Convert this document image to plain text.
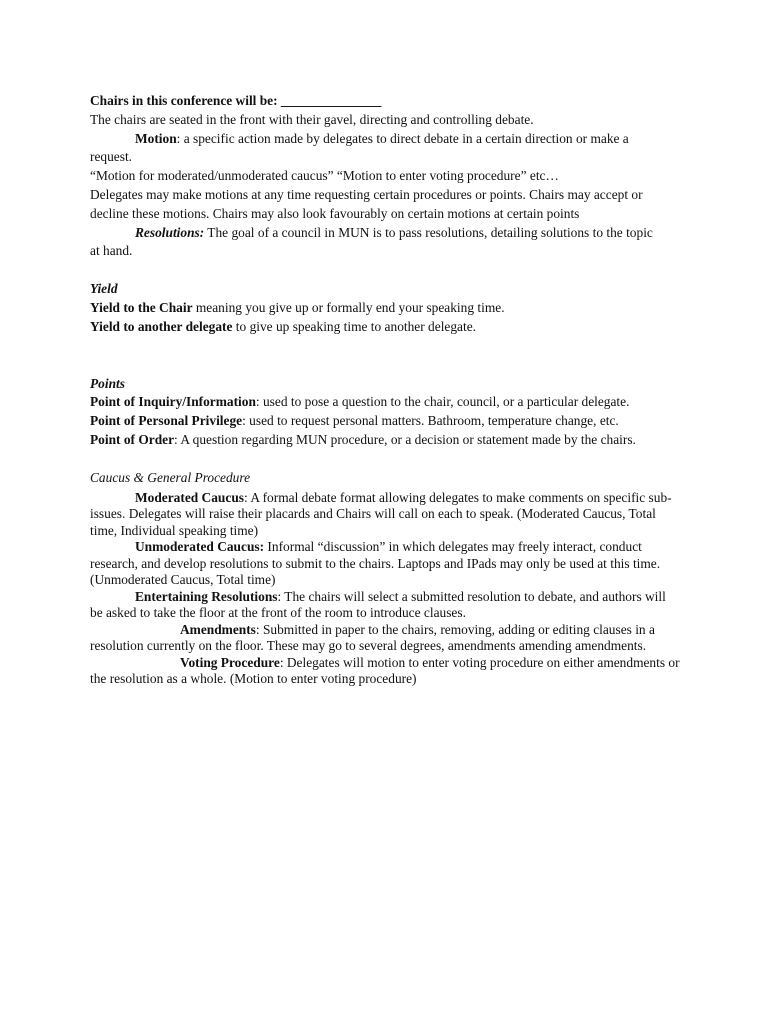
Chairs in this conference will be: _______________
The chairs are seated in the front with their gavel, directing and controlling debate.
Motion: a specific action made by delegates to direct debate in a certain direction or make a
request.
“Motion for moderated/unmoderated caucus” “Motion to enter voting procedure” etc…
Delegates may make motions at any time requesting certain procedures or points. Chairs may accept or
decline these motions. Chairs may also look favourably on certain motions at certain points
Resolutions: The goal of a council in MUN is to pass resolutions, detailing solutions to the topic
at hand.
Yield
Yield to the Chair meaning you give up or formally end your speaking time.
Yield to another delegate to give up speaking time to another delegate.
Points
Point of Inquiry/Information: used to pose a question to the chair, council, or a particular delegate.
Point of Personal Privilege: used to request personal matters. Bathroom, temperature change, etc.
Point of Order: A question regarding MUN procedure, or a decision or statement made by the chairs.
Caucus & General Procedure
Moderated Caucus: A formal debate format allowing delegates to make comments on specific sub-issues. Delegates will raise their placards and Chairs will call on each to speak. (Moderated Caucus, Total time, Individual speaking time)
Unmoderated Caucus: Informal “discussion” in which delegates may freely interact, conduct research, and develop resolutions to submit to the chairs. Laptops and IPads may only be used at this time. (Unmoderated Caucus, Total time)
Entertaining Resolutions: The chairs will select a submitted resolution to debate, and authors will be asked to take the floor at the front of the room to introduce clauses.
Amendments: Submitted in paper to the chairs, removing, adding or editing clauses in a resolution currently on the floor. These may go to several degrees, amendments amending amendments.
Voting Procedure: Delegates will motion to enter voting procedure on either amendments or the resolution as a whole. (Motion to enter voting procedure)
